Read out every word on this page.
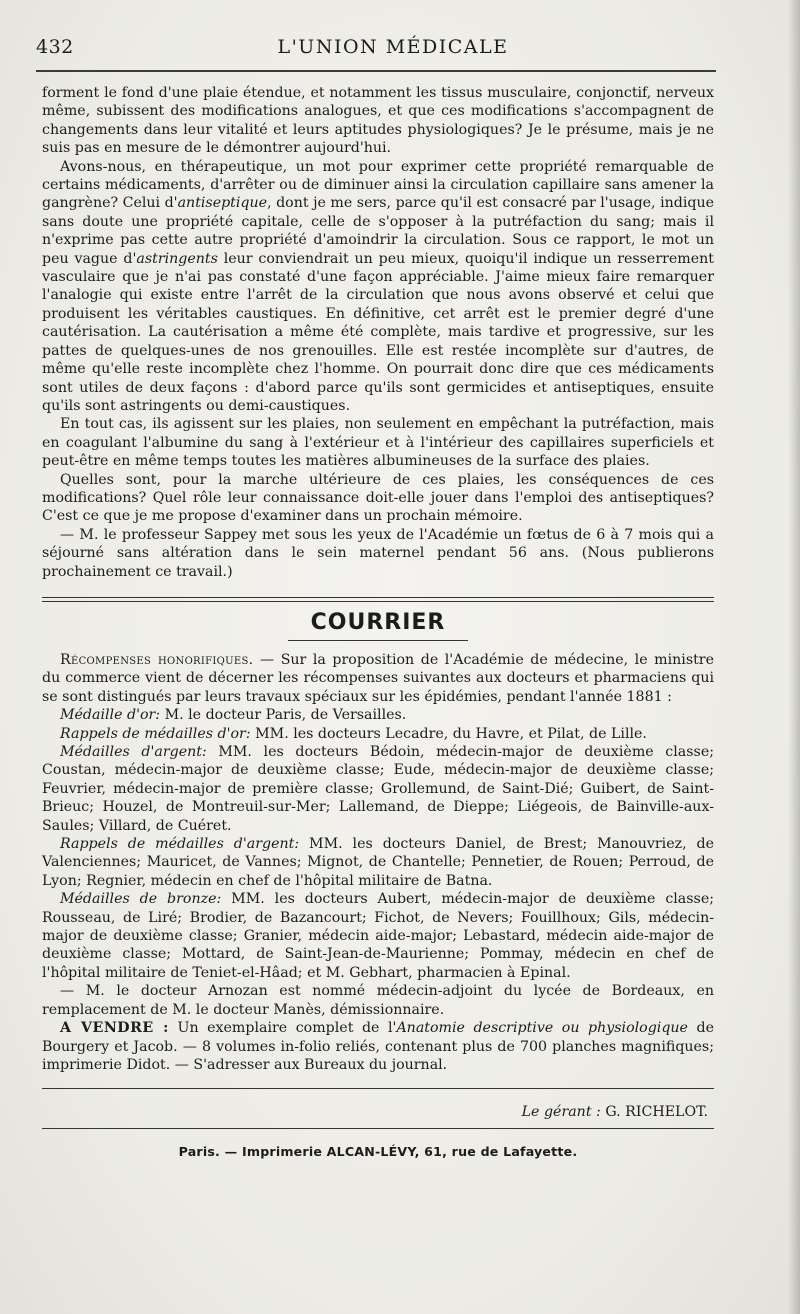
432	L'UNION MÉDICALE

forment le fond d'une plaie étendue, et notamment les tissus musculaire, conjonctif, nerveux même, subissent des modifications analogues, et que ces modifications s'accompagnent de changements dans leur vitalité et leurs aptitudes physiologiques? Je le présume, mais je ne suis pas en mesure de le démontrer aujourd'hui.

Avons-nous, en thérapeutique, un mot pour exprimer cette propriété remarquable de certains médicaments, d'arrêter ou de diminuer ainsi la circulation capillaire sans amener la gangrène? Celui d'antiseptique, dont je me sers, parce qu'il est consacré par l'usage, indique sans doute une propriété capitale, celle de s'opposer à la putréfaction du sang; mais il n'exprime pas cette autre propriété d'amoindrir la circulation. Sous ce rapport, le mot un peu vague d'astringents leur conviendrait un peu mieux, quoiqu'il indique un resserrement vasculaire que je n'ai pas constaté d'une façon appréciable. J'aime mieux faire remarquer l'analogie qui existe entre l'arrêt de la circulation que nous avons observé et celui que produisent les véritables caustiques. En définitive, cet arrêt est le premier degré d'une cautérisation. La cautérisation a même été complète, mais tardive et progressive, sur les pattes de quelques-unes de nos grenouilles. Elle est restée incomplète sur d'autres, de même qu'elle reste incomplète chez l'homme. On pourrait donc dire que ces médicaments sont utiles de deux façons : d'abord parce qu'ils sont germicides et antiseptiques, ensuite qu'ils sont astringents ou demi-caustiques.

En tout cas, ils agissent sur les plaies, non seulement en empêchant la putréfaction, mais en coagulant l'albumine du sang à l'extérieur et à l'intérieur des capillaires superficiels et peut-être en même temps toutes les matières albumineuses de la surface des plaies.

Quelles sont, pour la marche ultérieure de ces plaies, les conséquences de ces modifications? Quel rôle leur connaissance doit-elle jouer dans l'emploi des antiseptiques? C'est ce que je me propose d'examiner dans un prochain mémoire.

— M. le professeur Sappey met sous les yeux de l'Académie un fœtus de 6 à 7 mois qui a séjourné sans altération dans le sein maternel pendant 56 ans. (Nous publierons prochainement ce travail.)

COURRIER

Récompenses honorifiques. — Sur la proposition de l'Académie de médecine, le ministre du commerce vient de décerner les récompenses suivantes aux docteurs et pharmaciens qui se sont distingués par leurs travaux spéciaux sur les épidémies, pendant l'année 1881 :

Médaille d'or: M. le docteur Paris, de Versailles.

Rappels de médailles d'or: MM. les docteurs Lecadre, du Havre, et Pilat, de Lille.

Médailles d'argent: MM. les docteurs Bédoin, médecin-major de deuxième classe; Coustan, médecin-major de deuxième classe; Eude, médecin-major de deuxième classe; Feuvrier, médecin-major de première classe; Grollemund, de Saint-Dié; Guibert, de Saint-Brieuc; Houzel, de Montreuil-sur-Mer; Lallemand, de Dieppe; Liégeois, de Bainville-aux-Saules; Villard, de Cuéret.

Rappels de médailles d'argent: MM. les docteurs Daniel, de Brest; Manouvriez, de Valenciennes; Mauricet, de Vannes; Mignot, de Chantelle; Pennetier, de Rouen; Perroud, de Lyon; Regnier, médecin en chef de l'hôpital militaire de Batna.

Médailles de bronze: MM. les docteurs Aubert, médecin-major de deuxième classe; Rousseau, de Liré; Brodier, de Bazancourt; Fichot, de Nevers; Fouillhoux; Gils, médecin-major de deuxième classe; Granier, médecin aide-major; Lebastard, médecin aide-major de deuxième classe; Mottard, de Saint-Jean-de-Maurienne; Pommay, médecin en chef de l'hôpital militaire de Teniet-el-Hâad; et M. Gebhart, pharmacien à Epinal.

— M. le docteur Arnozan est nommé médecin-adjoint du lycée de Bordeaux, en remplacement de M. le docteur Manès, démissionnaire.

A VENDRE : Un exemplaire complet de l'Anatomie descriptive ou physiologique de Bourgery et Jacob. — 8 volumes in-folio reliés, contenant plus de 700 planches magnifiques; imprimerie Didot. — S'adresser aux Bureaux du journal.

Le gérant : G. RICHELOT.
Paris. — Imprimerie ALCAN-LÉVY, 61, rue de Lafayette.
